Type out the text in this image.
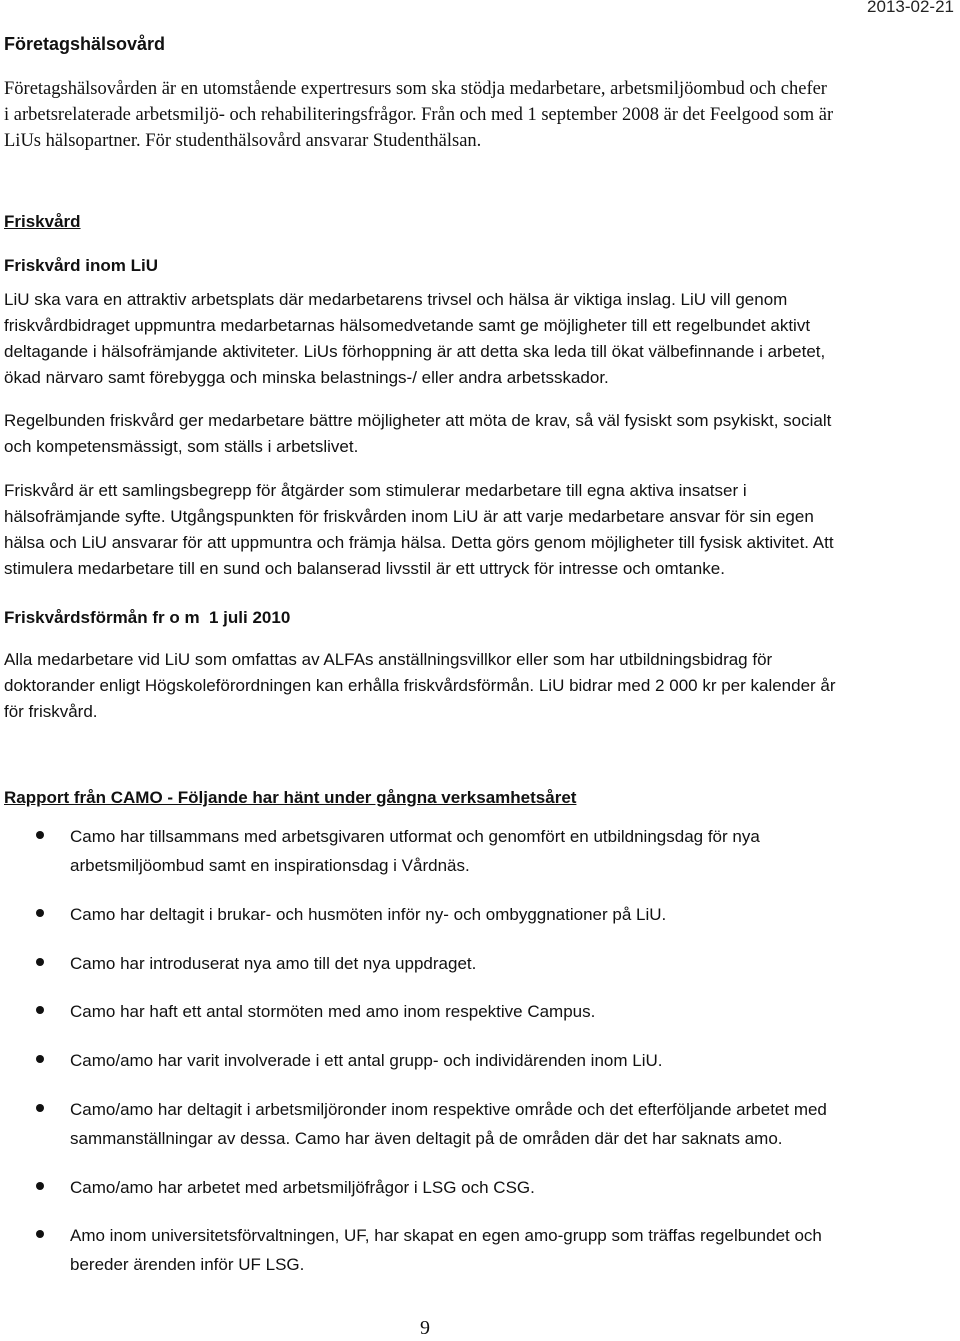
2013-02-21
Företagshälsovård
Företagshälsovården är en utomstående expertresurs som ska stödja medarbetare, arbetsmiljöombud och chefer
i arbetsrelaterade arbetsmiljö- och rehabiliteringsfrågor. Från och med 1 september 2008 är det Feelgood som är
LiUs hälsopartner. För studenthälsovård ansvarar Studenthälsan.
Friskvård
Friskvård inom LiU
LiU ska vara en attraktiv arbetsplats där medarbetarens trivsel och hälsa är viktiga inslag. LiU vill genom
friskvårdbidraget uppmuntra medarbetarnas hälsomedvetande samt ge möjligheter till ett regelbundet aktivt
deltagande i hälsofrämjande aktiviteter. LiUs förhoppning är att detta ska leda till ökat välbefinnande i arbetet,
ökad närvaro samt förebygga och minska belastnings-/ eller andra arbetsskador.
Regelbunden friskvård ger medarbetare bättre möjligheter att möta de krav, så väl fysiskt som psykiskt, socialt
och kompetensmässigt, som ställs i arbetslivet.
Friskvård är ett samlingsbegrepp för åtgärder som stimulerar medarbetare till egna aktiva insatser i
hälsofrämjande syfte. Utgångspunkten för friskvården inom LiU är att varje medarbetare ansvar för sin egen
hälsa och LiU ansvarar för att uppmuntra och främja hälsa. Detta görs genom möjligheter till fysisk aktivitet. Att
stimulera medarbetare till en sund och balanserad livsstil är ett uttryck för intresse och omtanke.
Friskvårdsförmån fr o m  1 juli 2010
Alla medarbetare vid LiU som omfattas av ALFAs anställningsvillkor eller som har utbildningsbidrag för
doktorander enligt Högskoleförordningen kan erhålla friskvårdsförmån. LiU bidrar med 2 000 kr per kalender år
för friskvård.
Rapport från CAMO - Följande har hänt under gångna verksamhetsåret
Camo har tillsammans med arbetsgivaren utformat och genomfört en utbildningsdag för nya
arbetsmiljöombud samt en inspirationsdag i Vårdnäs.
Camo har deltagit i brukar- och husmöten inför ny- och ombyggnationer på LiU.
Camo har introduserat nya amo till det nya uppdraget.
Camo har haft ett antal stormöten med amo inom respektive Campus.
Camo/amo har varit involverade i ett antal grupp- och individärenden inom LiU.
Camo/amo har deltagit i arbetsmiljöronder inom respektive område och det efterföljande arbetet med
sammanställningar av dessa. Camo har även deltagit på de områden där det har saknats amo.
Camo/amo har arbetet med arbetsmiljöfrågor i LSG och CSG.
Amo inom universitetsförvaltningen, UF, har skapat en egen amo-grupp som träffas regelbundet och
bereder ärenden inför UF LSG.
9
